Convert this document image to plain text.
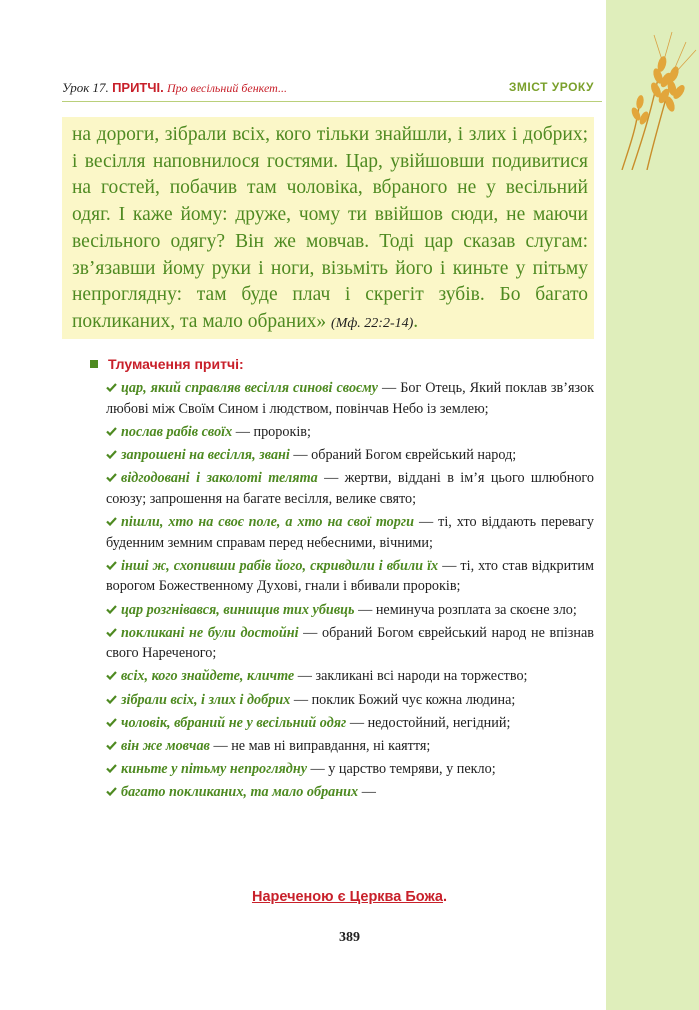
Урок 17. ПРИТЧІ. Про весільний бенкет...	ЗМІСТ УРОКУ
на дороги, зібрали всіх, кого тільки знайшли, і злих і добрих; і весілля наповнилося гостями. Цар, увійшовши подивитися на гостей, побачив там чоловіка, вбраного не у весільний одяг. І каже йому: друже, чому ти ввійшов сюди, не маючи весільного одягу? Він же мовчав. Тоді цар сказав слугам: зв’язавши йому руки і ноги, візьміть його і киньте у пітьму непроглядну: там буде плач і скрегіт зубів. Бо багато покликаних, та мало обраних» (Мф. 22:2-14).
Тлумачення притчі:
цар, який справляв весілля синові своєму — Бог Отець, Який поклав зв’язок любові між Своїм Сином і людством, повінчав Небо із землею;
послав рабів своїх — пророків;
запрошені на весілля, звані — обраний Богом єврейський народ;
відгодовані і заколоті телята — жертви, віддані в ім’я цього шлюбного союзу; запрошення на багате весілля, велике свято;
пішли, хто на своє поле, а хто на свої торги — ті, хто віддають перевагу буденним земним справам перед небесними, вічними;
інші ж, схопивши рабів його, скривдили і вбили їх — ті, хто став відкритим ворогом Божественному Духові, гнали і вбивали пророків;
цар розгнівався, винищив тих убивць — неминуча розплата за скоєне зло;
покликані не були достойні — обраний Богом єврейський народ не впізнав свого Нареченого;
всіх, кого знайдете, кличте — закликані всі народи на торжество;
зібрали всіх, і злих і добрих — поклик Божий чує кожна людина;
чоловік, вбраний не у весільний одяг — недостойний, негідний;
він же мовчав — не мав ні виправдання, ні каяття;
киньте у пітьму непроглядну — у царство темряви, у пекло;
багато покликаних, та мало обраних —
Нареченою є Церква Божа.
389
